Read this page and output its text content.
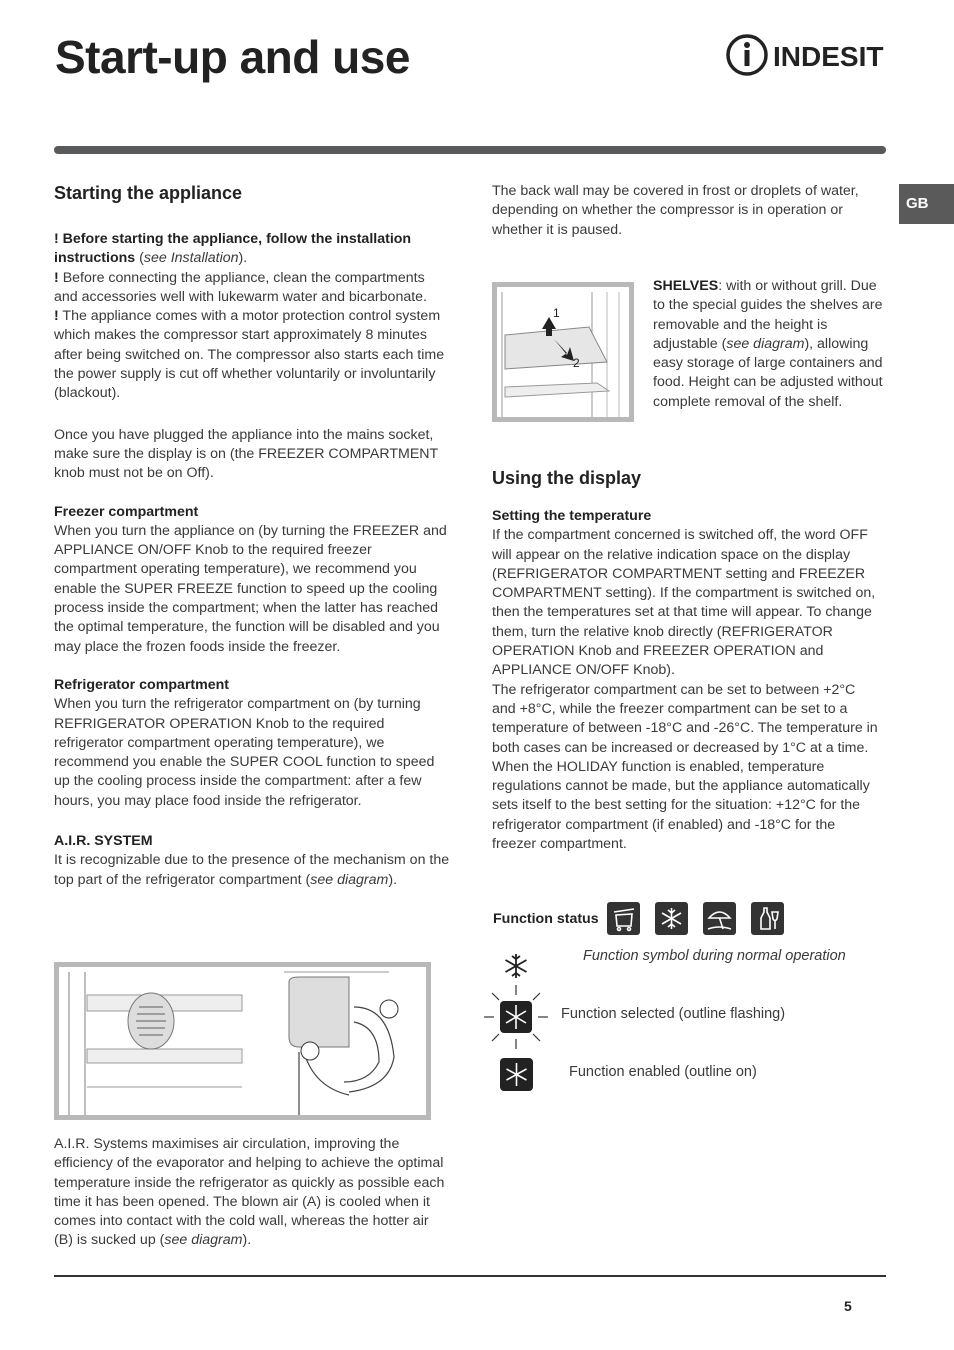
Start-up and use	INDESIT
GB
Starting the appliance

! Before starting the appliance, follow the installation instructions (see Installation).

! Before connecting the appliance, clean the compartments and accessories well with lukewarm water and bicarbonate.

! The appliance comes with a motor protection control system which makes the compressor start approximately 8 minutes after being switched on. The compressor also starts each time the power supply is cut off whether voluntarily or involuntarily (blackout).

Once you have plugged the appliance into the mains socket, make sure the display is on (the FREEZER COMPARTMENT knob must not be on Off).

Freezer compartment

When you turn the appliance on (by turning the FREEZER and APPLIANCE ON/OFF Knob to the required freezer compartment operating temperature), we recommend you enable the SUPER FREEZE function to speed up the cooling process inside the compartment; when the latter has reached the optimal temperature, the function will be disabled and you may place the frozen foods inside the freezer.

Refrigerator compartment

When you turn the refrigerator compartment on (by turning REFRIGERATOR OPERATION Knob to the required refrigerator compartment operating temperature), we recommend you enable the SUPER COOL function to speed up the cooling process inside the compartment: after a few hours, you may place food inside the refrigerator.

A.I.R. SYSTEM

It is recognizable due to the presence of the mechanism on the top part of the refrigerator compartment (see diagram).

A.I.R. Systems maximises air circulation, improving the efficiency of the evaporator and helping to achieve the optimal temperature inside the refrigerator as quickly as possible each time it has been opened. The blown air (A) is cooled when it comes into contact with the cold wall, whereas the hotter air (B) is sucked up (see diagram).

The back wall may be covered in frost or droplets of water, depending on whether the compressor is in operation or whether it is paused.

1
2

SHELVES: with or without grill. Due to the special guides the shelves are removable and the height is adjustable (see diagram), allowing easy storage of large containers and food. Height can be adjusted without complete removal of the shelf.

Using the display
Setting the temperature

If the compartment concerned is switched off, the word OFF will appear on the relative indication space on the display (REFRIGERATOR COMPARTMENT setting and FREEZER COMPARTMENT setting). If the compartment is switched on, then the temperatures set at that time will appear. To change them, turn the relative knob directly (REFRIGERATOR OPERATION Knob and FREEZER OPERATION and APPLIANCE ON/OFF Knob).

The refrigerator compartment can be set to between +2°C and +8°C, while the freezer compartment can be set to a temperature of between -18°C and -26°C. The temperature in both cases can be increased or decreased by 1°C at a time.

When the HOLIDAY function is enabled, temperature regulations cannot be made, but the appliance automatically sets itself to the best setting for the situation: +12°C for the refrigerator compartment (if enabled) and -18°C for the freezer compartment.

Function status
Function symbol during normal operation
Function selected (outline flashing)
Function enabled (outline on)
5
